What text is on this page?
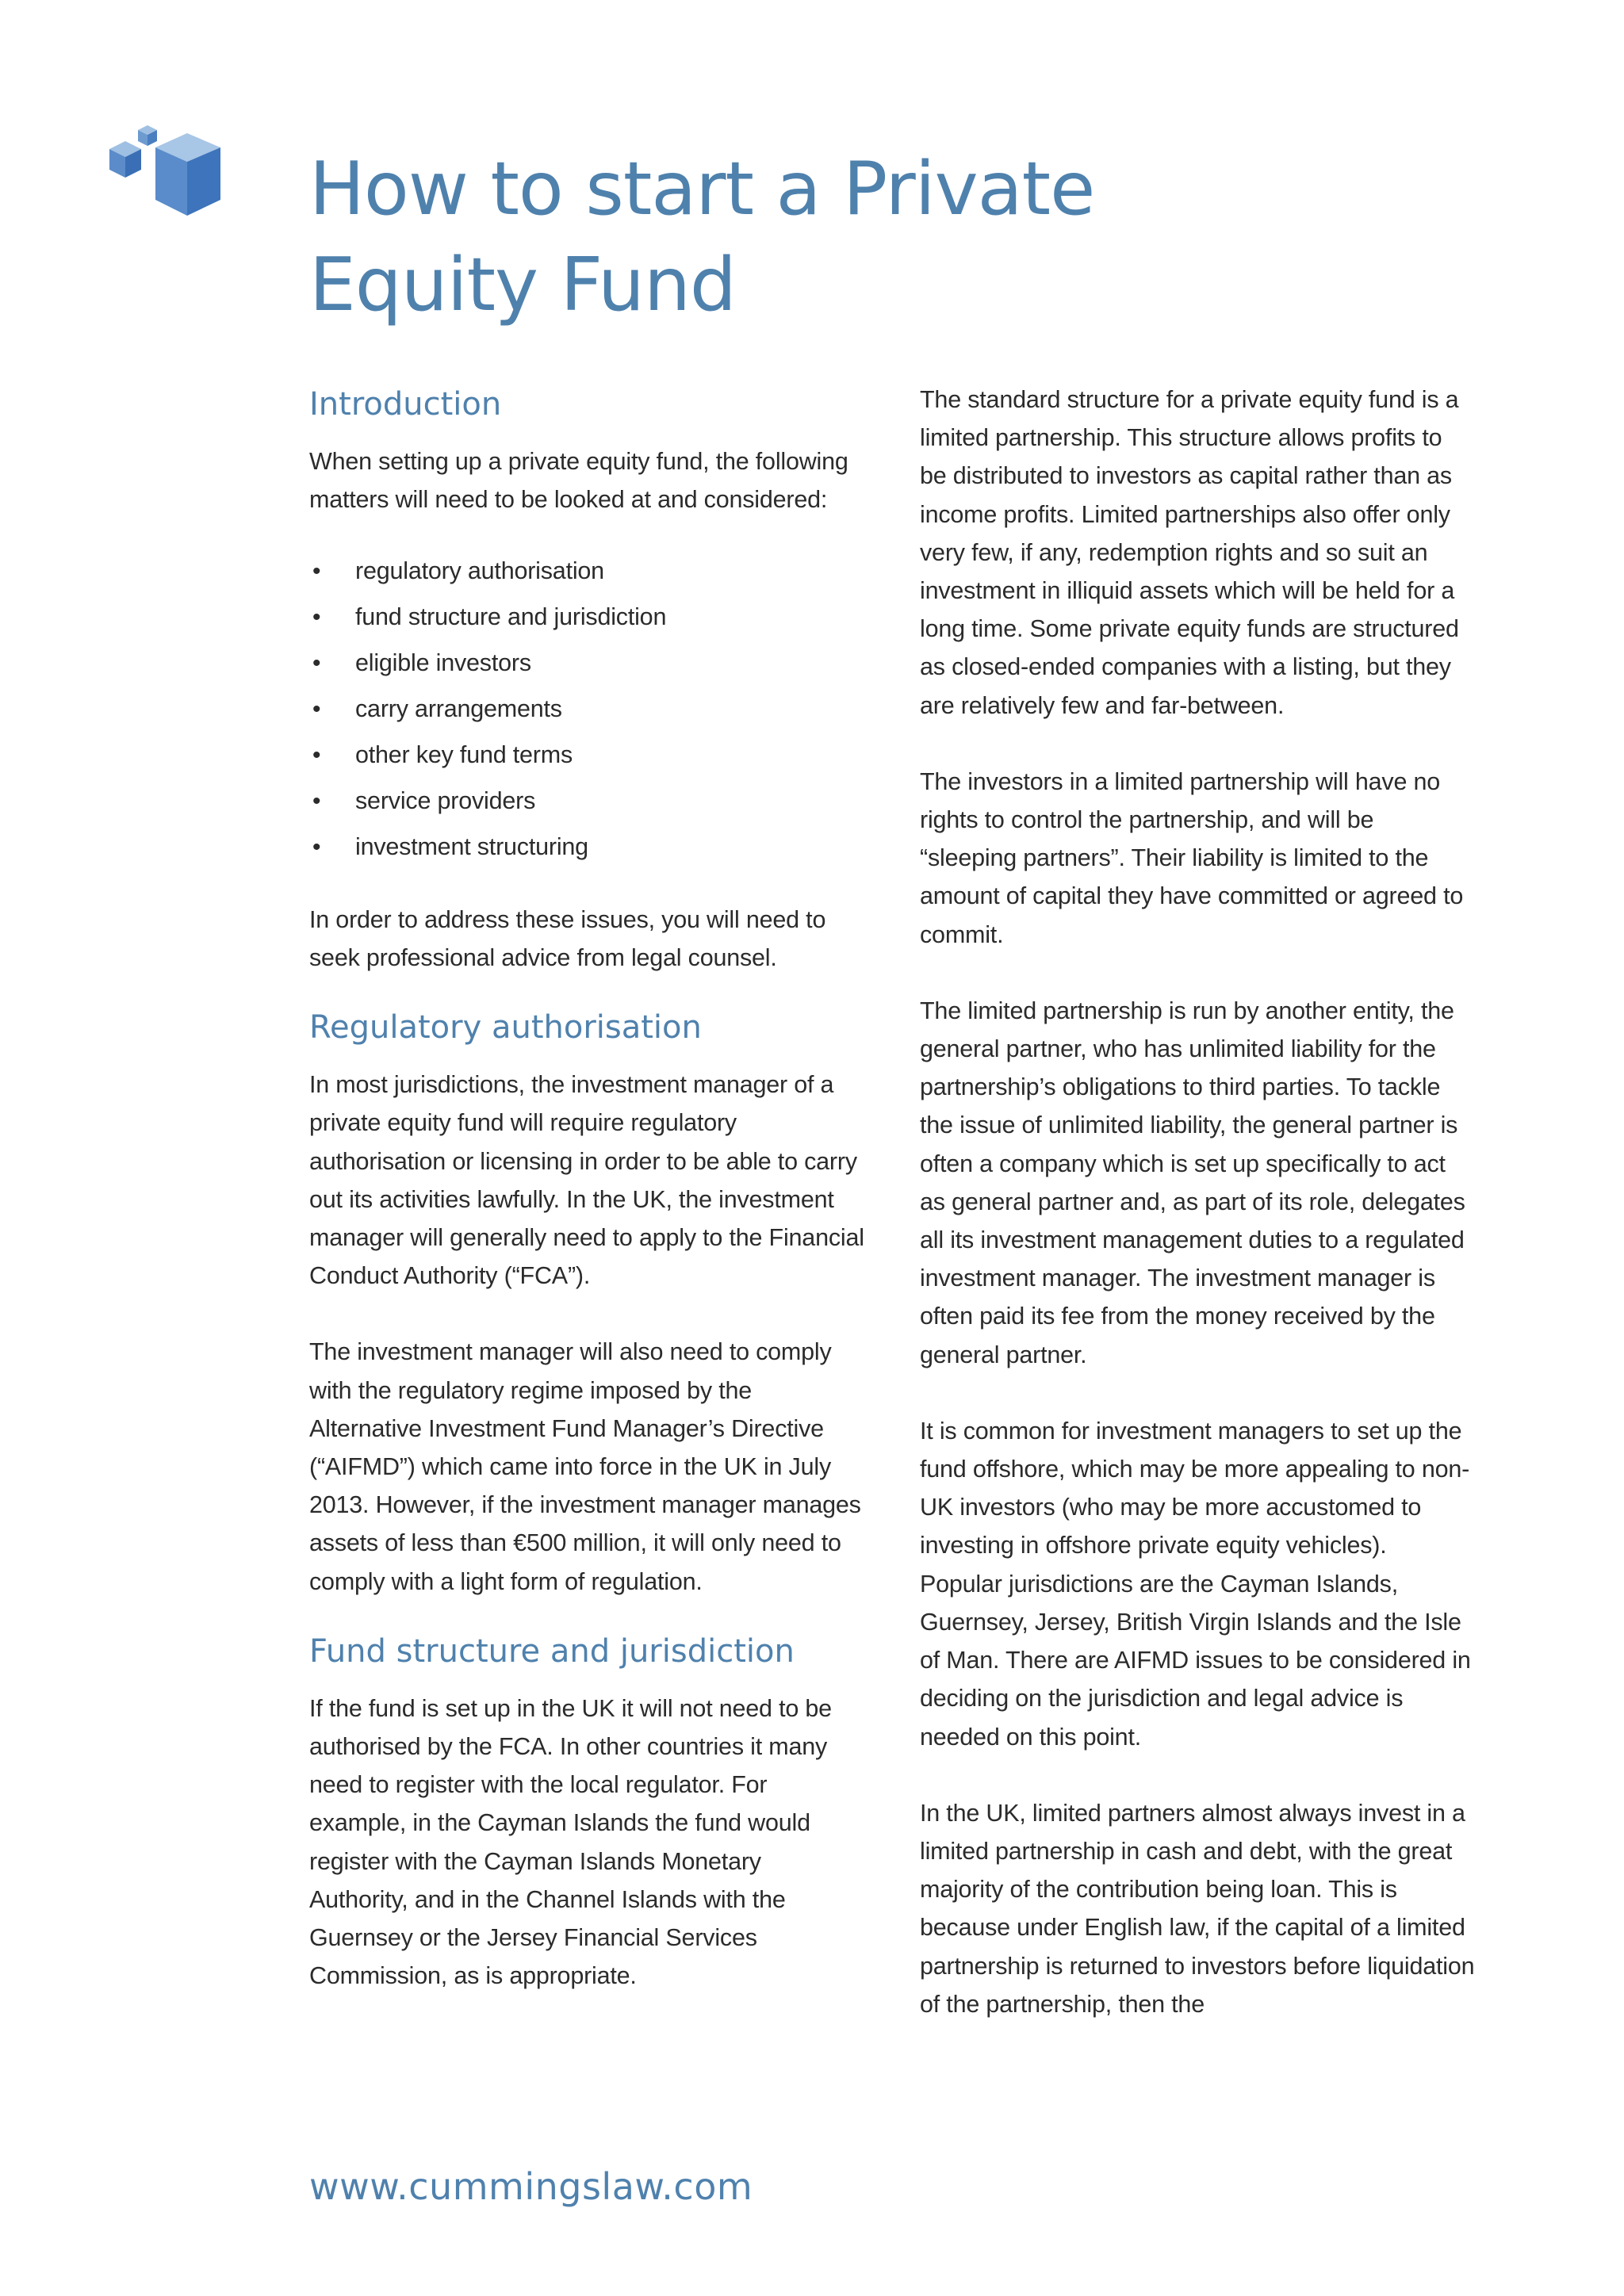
How to start a Private
Equity Fund
Introduction

When setting up a private equity fund, the following matters will need to be looked at and considered:

• regulatory authorisation
• fund structure and jurisdiction
• eligible investors
• carry arrangements
• other key fund terms
• service providers
• investment structuring

In order to address these issues, you will need to seek professional advice from legal counsel.

Regulatory authorisation

In most jurisdictions, the investment manager of a private equity fund will require regulatory authorisation or licensing in order to be able to carry out its activities lawfully. In the UK, the investment manager will generally need to apply to the Financial Conduct Authority (“FCA”).

The investment manager will also need to comply with the regulatory regime imposed by the Alternative Investment Fund Manager’s Directive (“AIFMD”) which came into force in the UK in July 2013. However, if the investment manager manages assets of less than €500 million, it will only need to comply with a light form of regulation.

Fund structure and jurisdiction

If the fund is set up in the UK it will not need to be authorised by the FCA. In other countries it many need to register with the local regulator. For example, in the Cayman Islands the fund would register with the Cayman Islands Monetary Authority, and in the Channel Islands with the Guernsey or the Jersey Financial Services Commission, as is appropriate.

The standard structure for a private equity fund is a limited partnership. This structure allows profits to be distributed to investors as capital rather than as income profits. Limited partnerships also offer only very few, if any, redemption rights and so suit an investment in illiquid assets which will be held for a long time. Some private equity funds are structured as closed-ended companies with a listing, but they are relatively few and far-between.

The investors in a limited partnership will have no rights to control the partnership, and will be “sleeping partners”. Their liability is limited to the amount of capital they have committed or agreed to commit.

The limited partnership is run by another entity, the general partner, who has unlimited liability for the partnership’s obligations to third parties. To tackle the issue of unlimited liability, the general partner is often a company which is set up specifically to act as general partner and, as part of its role, delegates all its investment management duties to a regulated investment manager. The investment manager is often paid its fee from the money received by the general partner.

It is common for investment managers to set up the fund offshore, which may be more appealing to non-UK investors (who may be more accustomed to investing in offshore private equity vehicles). Popular jurisdictions are the Cayman Islands, Guernsey, Jersey, British Virgin Islands and the Isle of Man. There are AIFMD issues to be considered in deciding on the jurisdiction and legal advice is needed on this point.

In the UK, limited partners almost always invest in a limited partnership in cash and debt, with the great majority of the contribution being loan. This is because under English law, if the capital of a limited partnership is returned to investors before liquidation of the partnership, then the

www.cummingslaw.com
